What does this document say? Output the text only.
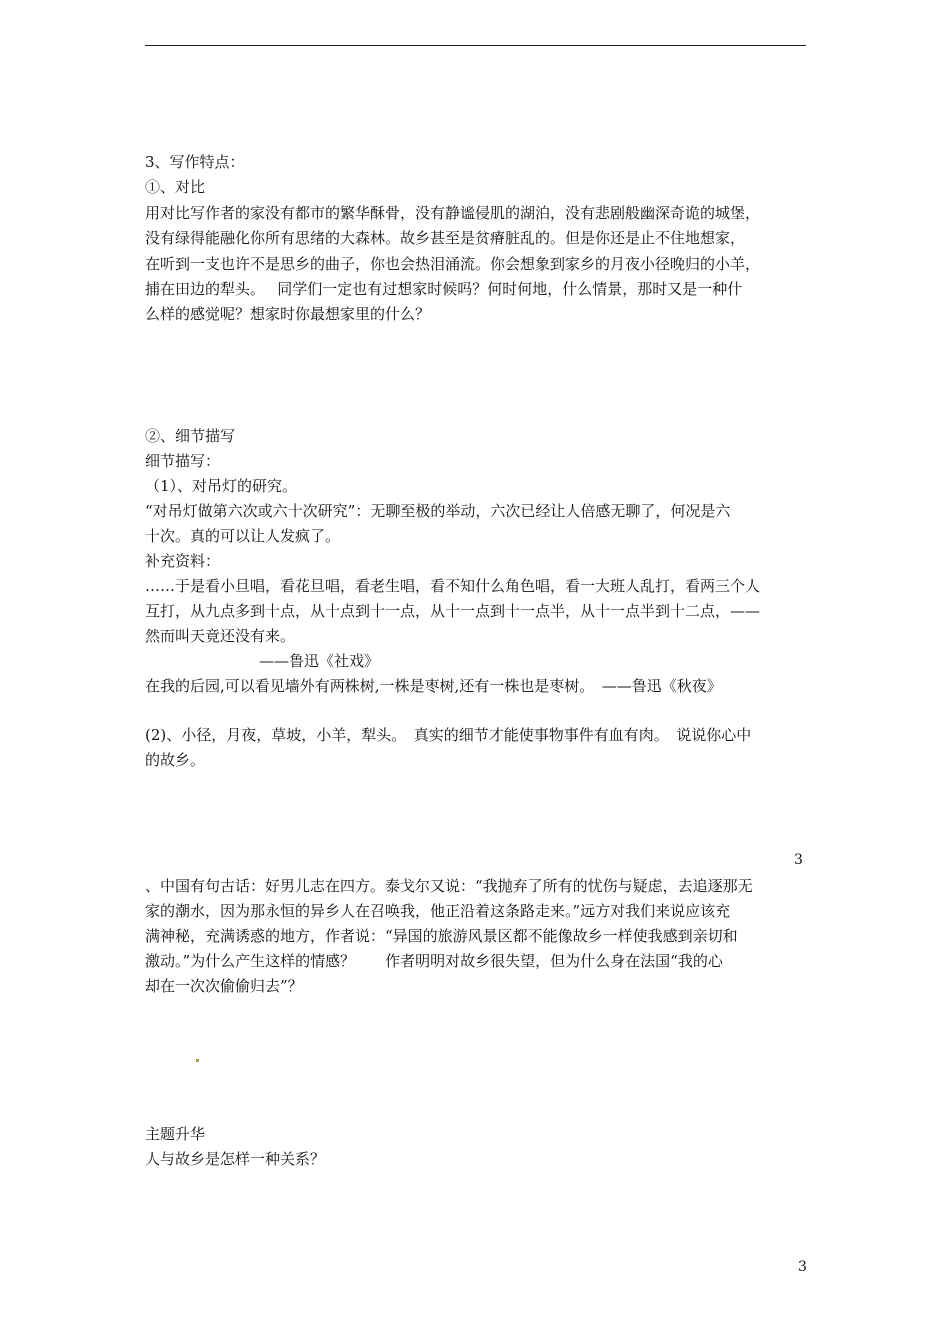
3、写作特点：
①、对比
用对比写作者的家没有都市的繁华酥骨，没有静谧侵肌的湖泊，没有悲剧般幽深奇诡的城堡，
没有绿得能融化你所有思绪的大森林。故乡甚至是贫瘠脏乱的。但是你还是止不住地想家，
在听到一支也许不是思乡的曲子，你也会热泪涌流。你会想象到家乡的月夜小径晚归的小羊，
捕在田边的犁头。　 同学们一定也有过想家时候吗？何时何地，什么情景，那时又是一种什
么样的感觉呢？想家时你最想家里的什么？
②、细节描写
细节描写：
（1）、对吊灯的研究。
“对吊灯做第六次或六十次研究”：无聊至极的举动，六次已经让人倍感无聊了，何况是六
十次。真的可以让人发疯了。
补充资料：
……于是看小旦唱，看花旦唱，看老生唱，看不知什么角色唱，看一大班人乱打，看两三个人
互打，从九点多到十点，从十点到十一点，从十一点到十一点半，从十一点半到十二点，——
然而叫天竟还没有来。
——鲁迅《社戏》
在我的后园,可以看见墙外有两株树,一株是枣树,还有一株也是枣树。　——鲁迅《秋夜》
(2)、小径，月夜，草坡，小羊，犁头。　真实的细节才能使事物事件有血有肉。　说说你心中
的故乡。
3
、中国有句古话：好男儿志在四方。泰戈尔又说：“我抛弃了所有的忧伤与疑虑，去追逐那无
家的潮水，因为那永恒的异乡人在召唤我，他正沿着这条路走来。”远方对我们来说应该充
满神秘，充满诱惑的地方，作者说：“异国的旅游风景区都不能像故乡一样使我感到亲切和
激动。”为什么产生这样的情感？　　作者明明对故乡很失望，但为什么身在法国“我的心
却在一次次偷偷归去”？
主题升华
人与故乡是怎样一种关系？
3
